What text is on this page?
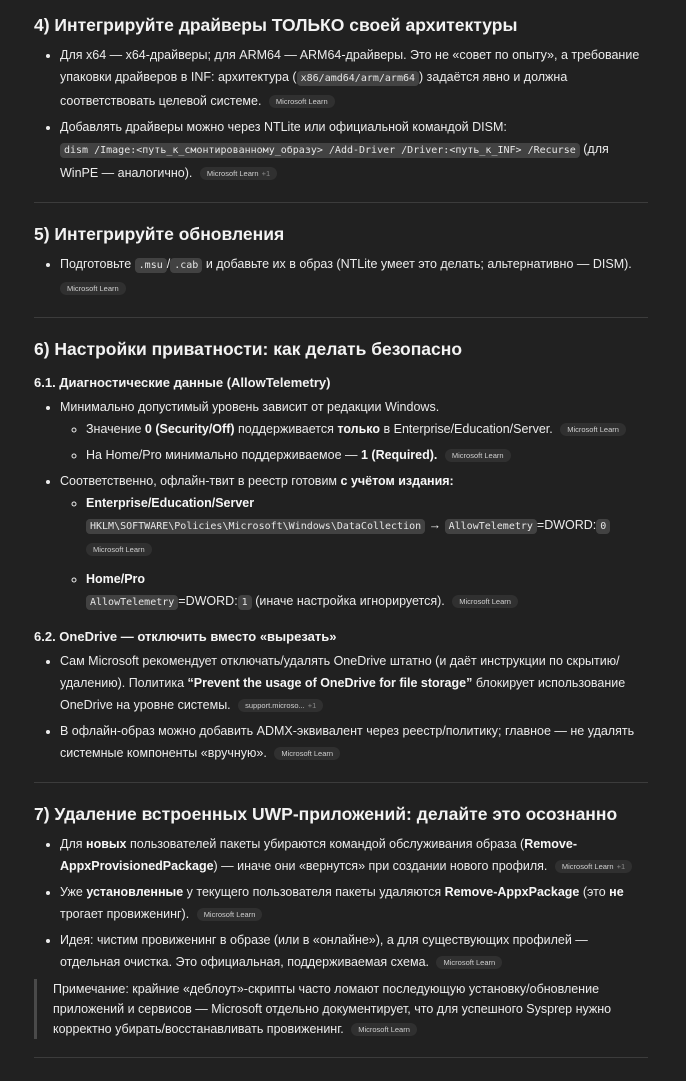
4) Интегрируйте драйверы ТОЛЬКО своей архитектуры
• Для x64 — x64-драйверы; для ARM64 — ARM64-драйверы. Это не «совет по опыту», а требование упаковки драйверов в INF: архитектура ( x86/amd64/arm/arm64 ) задаётся явно и должна соответствовать целевой системе. Microsoft Learn
• Добавлять драйверы можно через NTLite или официальной командой DISM:
dism /Image:<путь_к_смонтированному_образу> /Add-Driver /Driver:<путь_к_INF> /Recurse (для WinPE — аналогично). Microsoft Learn +1
5) Интегрируйте обновления
• Подготовьте .msu / .cab и добавьте их в образ (NTLite умеет это делать; альтернативно — DISM).
Microsoft Learn
6) Настройки приватности: как делать безопасно
6.1. Диагностические данные (AllowTelemetry)
• Минимально допустимый уровень зависит от редакции Windows.
◦ Значение 0 (Security/Off) поддерживается только в Enterprise/Education/Server. Microsoft Learn
◦ На Home/Pro минимально поддерживаемое — 1 (Required). Microsoft Learn
• Соответственно, офлайн-твит в реестр готовим с учётом издания:
◦ Enterprise/Education/Server
HKLM\SOFTWARE\Policies\Microsoft\Windows\DataCollection → AllowTelemetry =DWORD: 0
Microsoft Learn
◦ Home/Pro
AllowTelemetry =DWORD: 1 (иначе настройка игнорируется). Microsoft Learn
6.2. OneDrive — отключить вместо «вырезать»
• Сам Microsoft рекомендует отключать/удалять OneDrive штатно (и даёт инструкции по скрытию/удалению). Политика “Prevent the usage of OneDrive for file storage” блокирует использование OneDrive на уровне системы. support.microso... +1
• В офлайн-образ можно добавить ADMX-эквивалент через реестр/политику; главное — не удалять системные компоненты «вручную». Microsoft Learn
7) Удаление встроенных UWP-приложений: делайте это осознанно
• Для новых пользователей пакеты убираются командой обслуживания образа (Remove-AppxProvisionedPackage) — иначе они «вернутся» при создании нового профиля. Microsoft Learn +1
• Уже установленные у текущего пользователя пакеты удаляются Remove-AppxPackage (это не трогает провиженинг). Microsoft Learn
• Идея: чистим провиженинг в образе (или в «онлайне»), а для существующих профилей — отдельная очистка. Это официальная, поддерживаемая схема. Microsoft Learn
Примечание: крайние «деблоут»-скрипты часто ломают последующую установку/обновление приложений и сервисов — Microsoft отдельно документирует, что для успешного Sysprep нужно корректно убирать/восстанавливать провиженинг. Microsoft Learn
